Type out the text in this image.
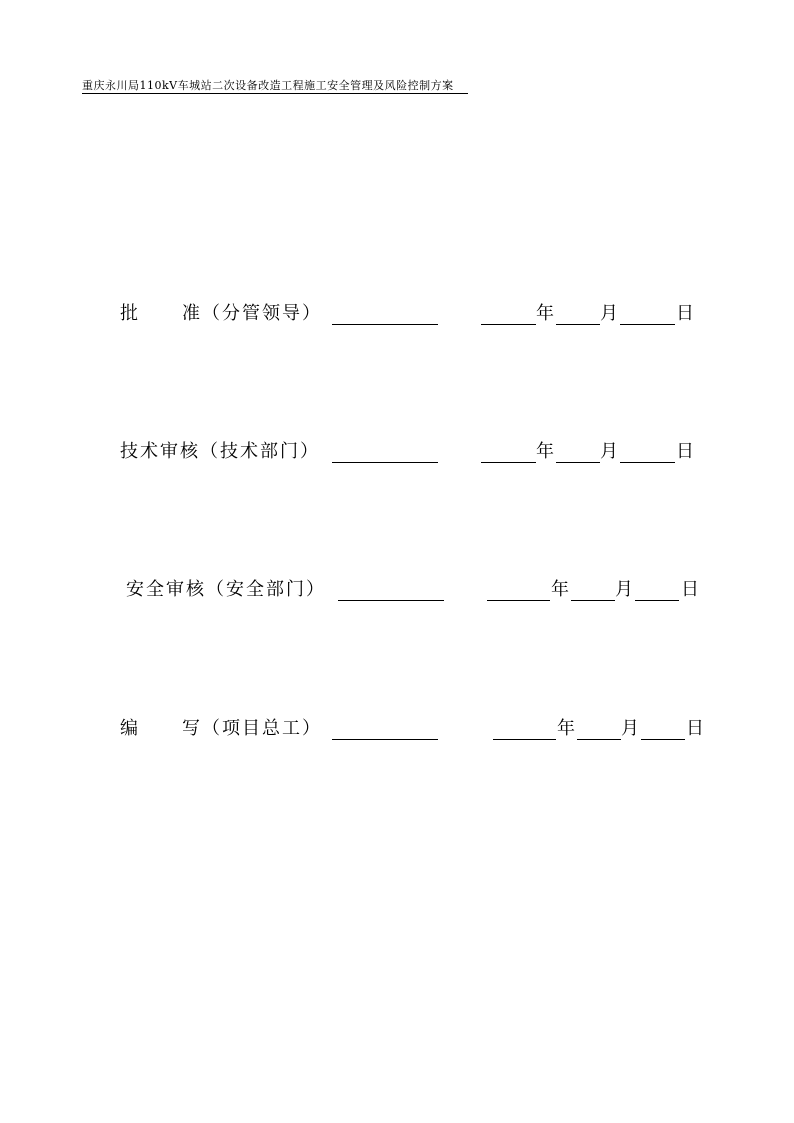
重庆永川局110kV车城站二次设备改造工程施工安全管理及风险控制方案
批 准（分管领导）	年	月	日
技术审核（技术部门）	年	月	日
安全审核（安全部门）	年	月	日
编 写（项目总工）	年	月	日
